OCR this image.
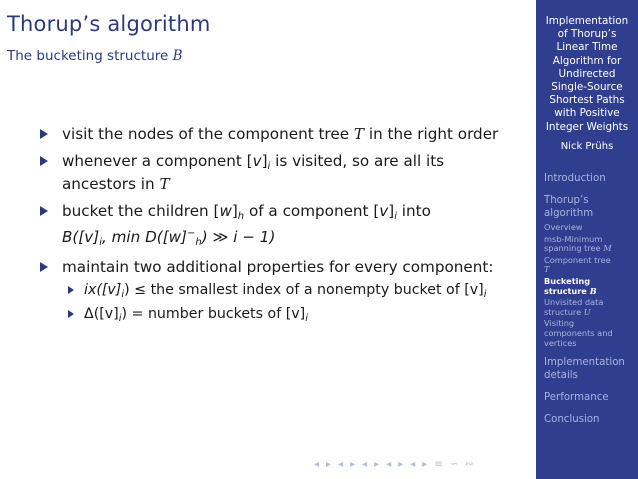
Thorup’s algorithm
The bucketing structure B
visit the nodes of the component tree T in the right order
whenever a component [v]i is visited, so are all its ancestors in T
bucket the children [w]h of a component [v]i into
B([v]i, min D([w]−h) ≫ i − 1)
maintain two additional properties for every component:
$ix([v]_i)$ ≤ the smallest index of a nonempty bucket of $[v]_i$
$\Delta([v]_i)$ = number buckets of $[v]_i$
◂ ▸ ◂ ▸ ◂ ▸ ◂ ▸ ◂ ▸ ≡ ∽ ∾
Implementation
of Thorup’s
Linear Time
Algorithm for
Undirected
Single-Source
Shortest Paths
with Positive
Integer Weights
Nick Prühs
Introduction
Thorup’s
algorithm
Overview
msb-Minimum
spanning tree M
Component tree
T
Bucketing
structure B
Unvisited data
structure U
Visiting
components and
vertices
Implementation
details
Performance
Conclusion
